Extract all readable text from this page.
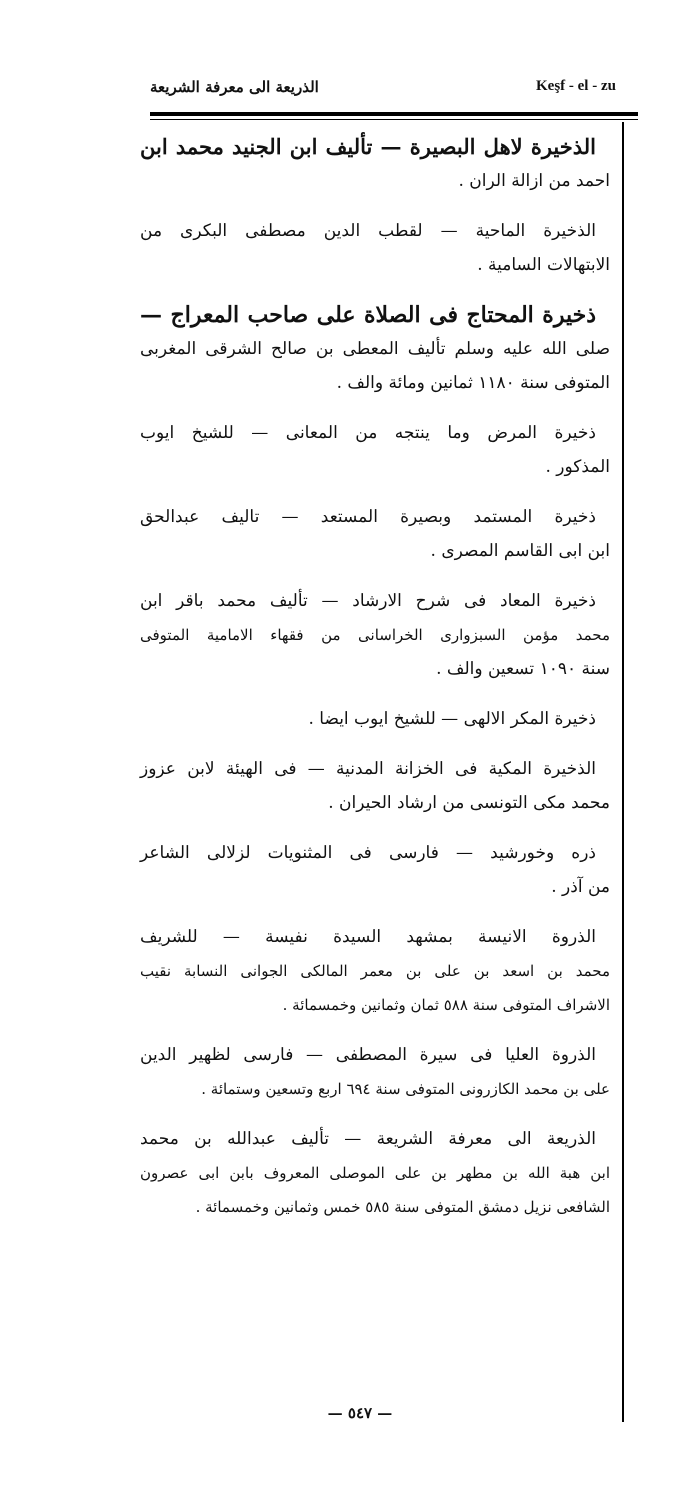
الذريعة الى معرفة الشريعة	Keşf - el - zu
الذخيرة لاهل البصيرة — تأليف ابن الجنيد محمد ابن
احمد من ازالة الران .
الذخيرة الماحية — لقطب الدين مصطفى البكرى من
الابتهالات السامية .
ذخيرة المحتاج فى الصلاة على صاحب المعراج —
صلى الله عليه وسلم تأليف المعطى بن صالح الشرقى المغربى
المتوفى سنة ١١٨٠ ثمانين ومائة والف .
ذخيرة المرض وما ينتجه من المعانى — للشيخ ايوب
المذكور .
ذخيرة المستمد وبصيرة المستعد — تاليف عبدالحق
ابن ابى القاسم المصرى .
ذخيرة المعاد فى شرح الارشاد — تأليف محمد باقر ابن
محمد مؤمن السبزوارى الخراسانى من فقهاء الامامية المتوفى
سنة ١٠٩٠ تسعين والف .
ذخيرة المكر الالهى — للشيخ ايوب ايضا .
الذخيرة المكية فى الخزانة المدنية — فى الهيئة لابن عزوز
محمد مكى التونسى من ارشاد الحيران .
ذره وخورشيد — فارسى فى المثنويات لزلالى الشاعر
من آذر .
الذروة الانيسة بمشهد السيدة نفيسة — للشريف
محمد بن اسعد بن على بن معمر المالكى الجوانى النسابة نقيب
الاشراف المتوفى سنة ٥٨٨ ثمان وثمانين وخمسمائة .
الذروة العليا فى سيرة المصطفى — فارسى لظهير الدين
على بن محمد الكازرونى المتوفى سنة ٦٩٤ اربع وتسعين وستمائة .
الذريعة الى معرفة الشريعة — تأليف عبدالله بن محمد
ابن هبة الله بن مطهر بن على الموصلى المعروف بابن ابى عصرون
الشافعى نزيل دمشق المتوفى سنة ٥٨٥ خمس وثمانين وخمسمائة .
— ٥٤٧ —
